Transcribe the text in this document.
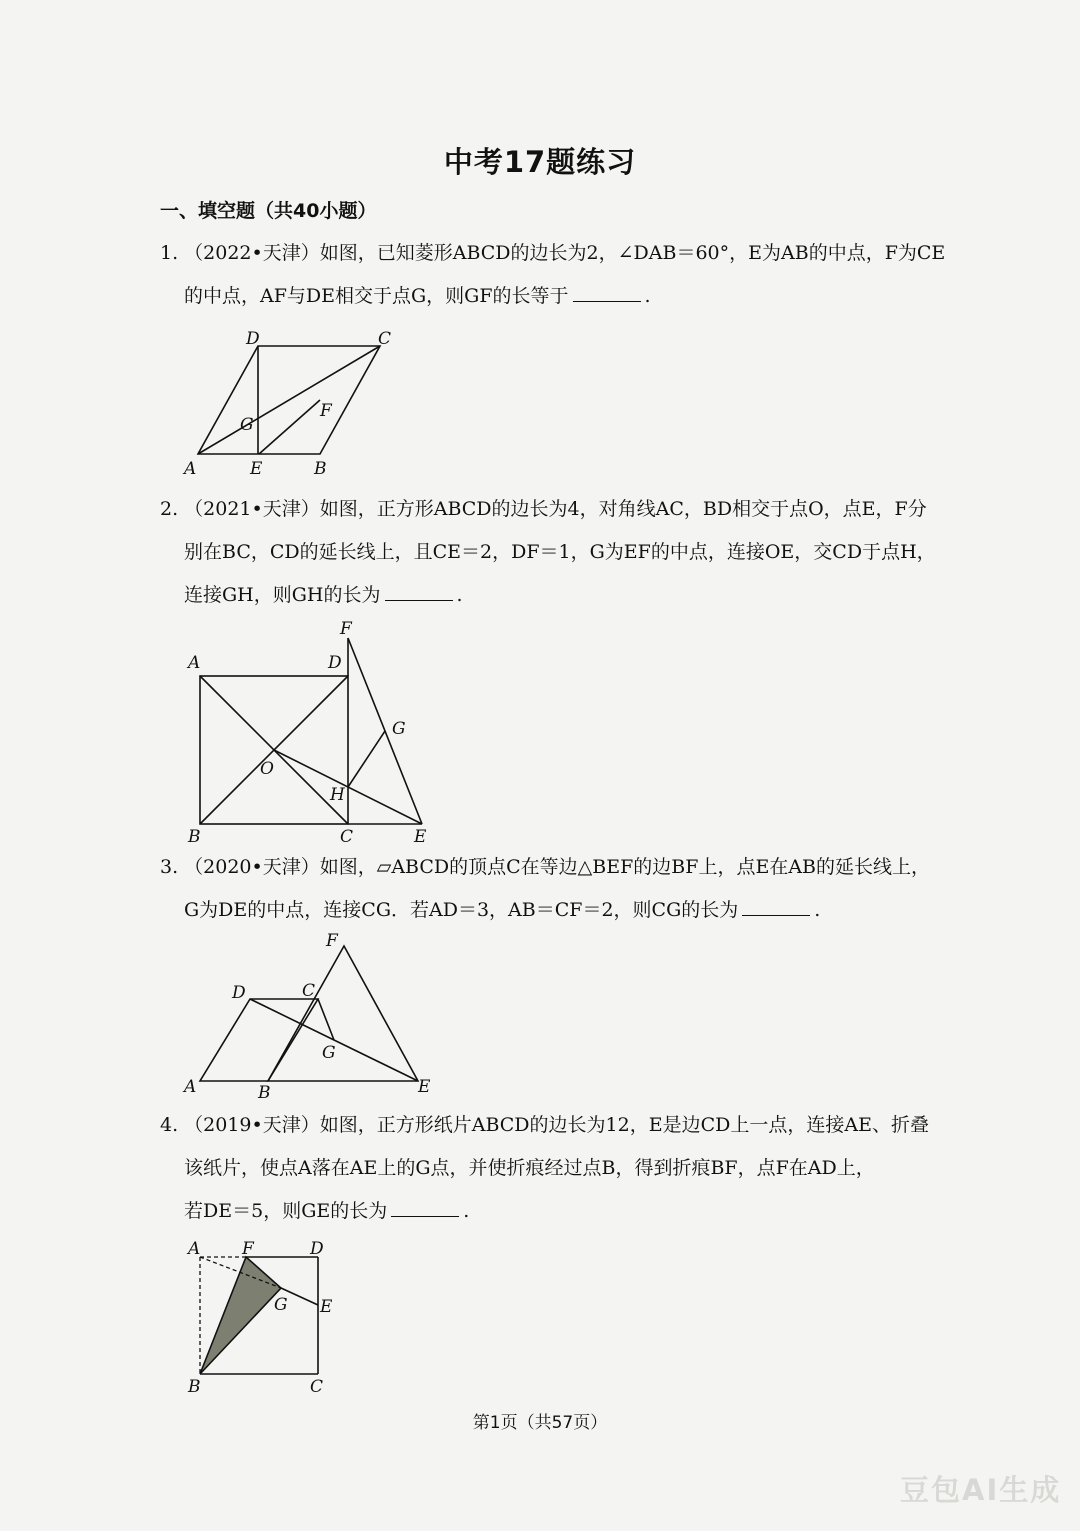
中考17题练习
一、填空题（共40小题）
1. （2022•天津）如图，已知菱形ABCD的边长为2，∠DAB＝60°，E为AB的中点，F为CE
的中点，AF与DE相交于点G，则GF的长等于	.
A	B
C
D
E
F
G
2. （2021•天津）如图，正方形ABCD的边长为4，对角线AC，BD相交于点O，点E，F分
别在BC，CD的延长线上，且CE＝2，DF＝1，G为EF的中点，连接OE，交CD于点H，
连接GH，则GH的长为	.
A
B	C
D
E
F
G
H
O
3. （2020•天津）如图，▱ABCD的顶点C在等边△BEF的边BF上，点E在AB的延长线上，
G为DE的中点，连接CG．若AD＝3，AB＝CF＝2，则CG的长为	.
A	B
C
D
E
F
G
4. （2019•天津）如图，正方形纸片ABCD的边长为12，E是边CD上一点，连接AE、折叠
该纸片，使点A落在AE上的G点，并使折痕经过点B，得到折痕BF，点F在AD上，
若DE＝5，则GE的长为	.
A
B	C
D
E
F
G
第1页（共57页）
豆包AI生成
